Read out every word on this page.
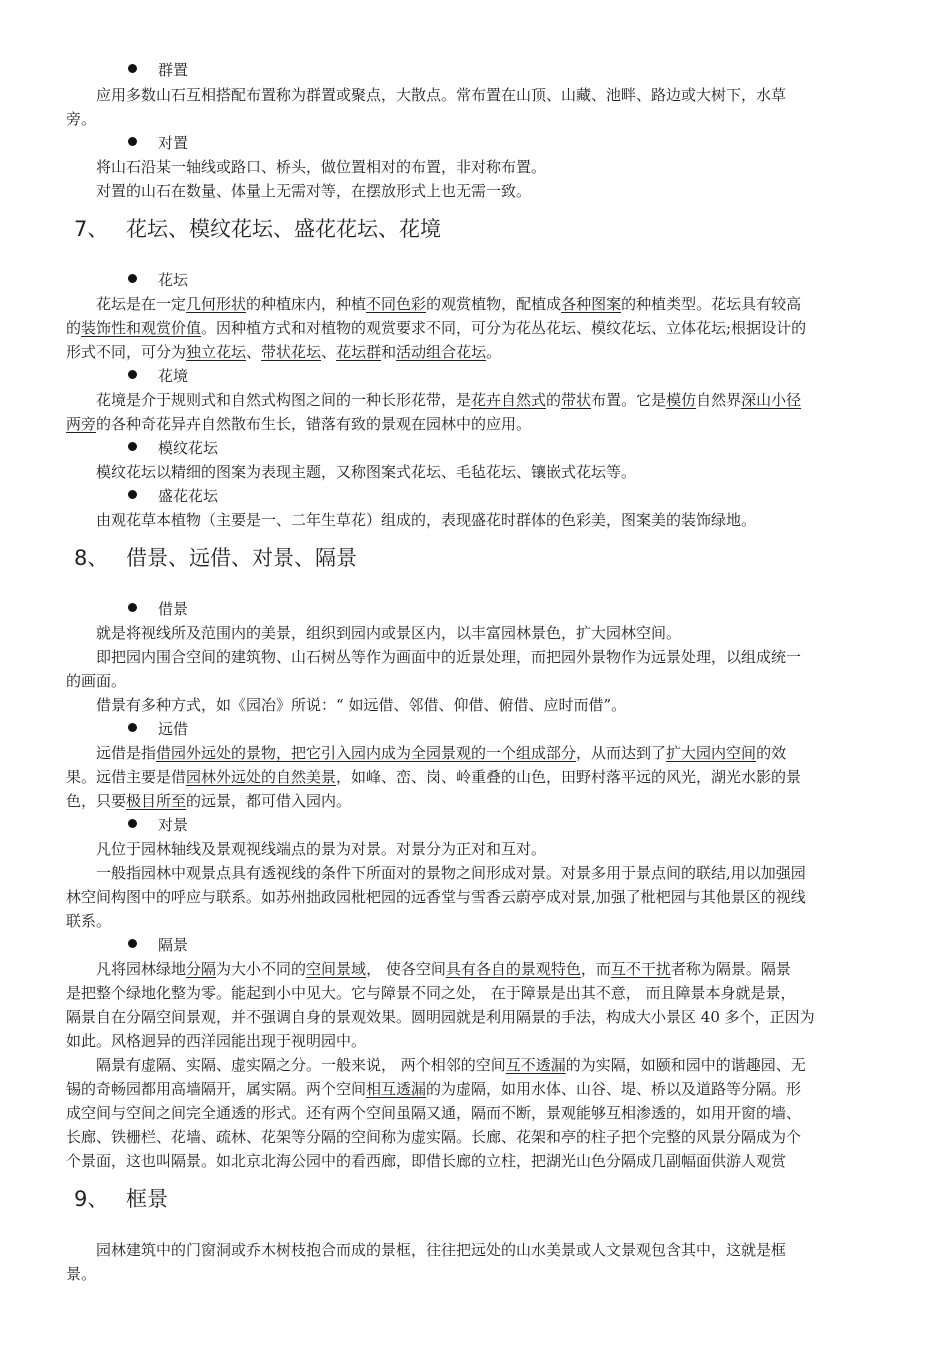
群置
应用多数山石互相搭配布置称为群置或聚点，大散点。常布置在山顶、山藏、池畔、路边或大树下，水草
旁。
对置
将山石沿某一轴线或路口、桥头，做位置相对的布置，非对称布置。
对置的山石在数量、体量上无需对等，在摆放形式上也无需一致。
7、 花坛、模纹花坛、盛花花坛、花境
花坛
花坛是在一定几何形状的种植床内，种植不同色彩的观赏植物，配植成各种图案的种植类型。花坛具有较高
的装饰性和观赏价值。因种植方式和对植物的观赏要求不同，可分为花丛花坛、模纹花坛、立体花坛;根据设计的
形式不同，可分为独立花坛、带状花坛、花坛群和活动组合花坛。
花境
花境是介于规则式和自然式构图之间的一种长形花带，是花卉自然式的带状布置。它是模仿自然界深山小径
两旁的各种奇花异卉自然散布生长，错落有致的景观在园林中的应用。
模纹花坛
模纹花坛以精细的图案为表现主题，又称图案式花坛、毛毡花坛、镶嵌式花坛等。
盛花花坛
由观花草本植物（主要是一、二年生草花）组成的，表现盛花时群体的色彩美，图案美的装饰绿地。
8、 借景、远借、对景、隔景
借景
就是将视线所及范围内的美景，组织到园内或景区内，以丰富园林景色，扩大园林空间。
即把园内围合空间的建筑物、山石树丛等作为画面中的近景处理，而把园外景物作为远景处理，以组成统一
的画面。
借景有多种方式，如《园冶》所说：“ 如远借、邻借、仰借、俯借、应时而借”。
远借
远借是指借园外远处的景物，把它引入园内成为全园景观的一个组成部分，从而达到了扩大园内空间的效
果。远借主要是借园林外远处的自然美景，如峰、峦、岗、岭重叠的山色，田野村落平远的风光，湖光水影的景
色，只要极目所至的远景，都可借入园内。
对景
凡位于园林轴线及景观视线端点的景为对景。对景分为正对和互对。
一般指园林中观景点具有透视线的条件下所面对的景物之间形成对景。对景多用于景点间的联结,用以加强园
林空间构图中的呼应与联系。如苏州拙政园枇杷园的远香堂与雪香云蔚亭成对景,加强了枇杷园与其他景区的视线
联系。
隔景
凡将园林绿地分隔为大小不同的空间景域， 使各空间具有各自的景观特色，而互不干扰者称为隔景。隔景
是把整个绿地化整为零。能起到小中见大。它与障景不同之处， 在于障景是出其不意， 而且障景本身就是景，
隔景自在分隔空间景观，并不强调自身的景观效果。圆明园就是利用隔景的手法，构成大小景区 40 多个，正因为
如此。风格迥异的西洋园能出现于视明园中。
隔景有虚隔、实隔、虚实隔之分。一般来说， 两个相邻的空间互不透漏的为实隔，如颐和园中的谐趣园、无
锡的奇畅园都用高墙隔开，属实隔。两个空间相互透漏的为虚隔，如用水体、山谷、堤、桥以及道路等分隔。形
成空间与空间之间完全通透的形式。还有两个空间虽隔又通，隔而不断，景观能够互相渗透的，如用开窗的墙、
长廊、铁栅栏、花墙、疏林、花架等分隔的空间称为虚实隔。长廊、花架和亭的柱子把个完整的风景分隔成为个
个景面，这也叫隔景。如北京北海公园中的看西廊，即借长廊的立柱，把湖光山色分隔成几副幅面供游人观赏
9、 框景
园林建筑中的门窗洞或乔木树枝抱合而成的景框，往往把远处的山水美景或人文景观包含其中，这就是框
景。
